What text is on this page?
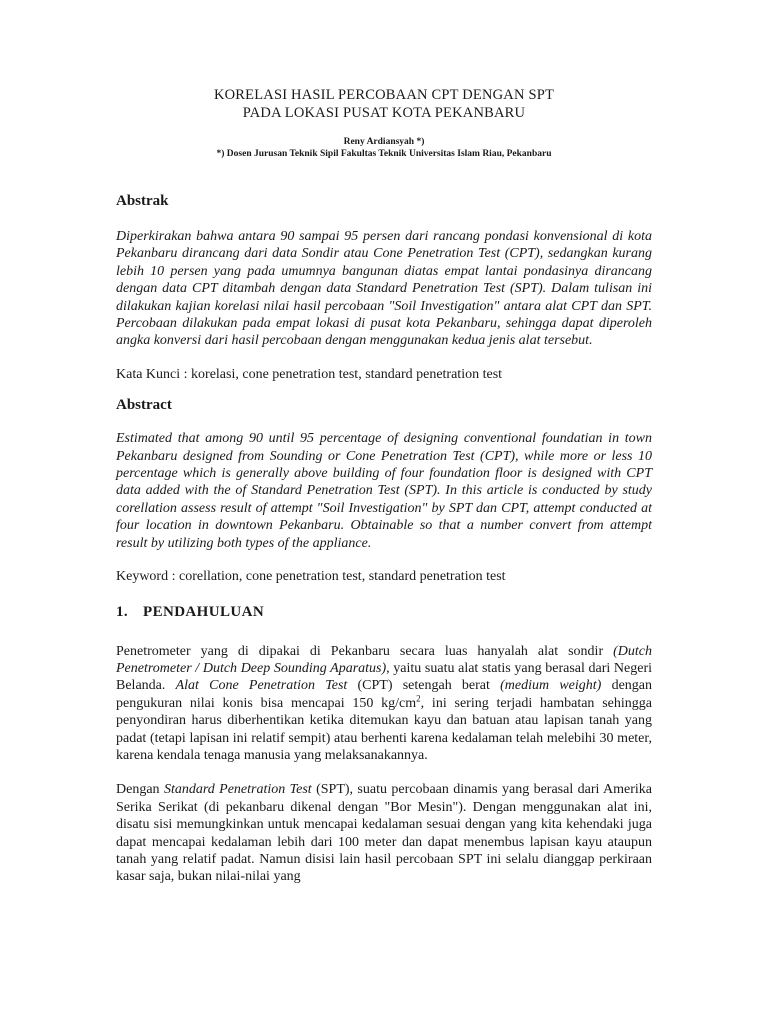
KORELASI HASIL PERCOBAAN CPT DENGAN SPT

PADA LOKASI PUSAT KOTA PEKANBARU

Reny Ardiansyah *)
*) Dosen Jurusan Teknik Sipil Fakultas Teknik Universitas Islam Riau, Pekanbaru

Abstrak

Diperkirakan bahwa antara 90 sampai 95 persen dari rancang pondasi konvensional di kota Pekanbaru dirancang dari data Sondir atau Cone Penetration Test (CPT), sedangkan kurang lebih 10 persen yang pada umumnya bangunan diatas empat lantai pondasinya dirancang dengan data CPT ditambah dengan data Standard Penetration Test (SPT). Dalam tulisan ini dilakukan kajian korelasi nilai hasil percobaan "Soil Investigation" antara alat CPT dan SPT. Percobaan dilakukan pada empat lokasi di pusat kota Pekanbaru, sehingga dapat diperoleh angka konversi dari hasil percobaan dengan menggunakan kedua jenis alat tersebut.

Kata Kunci : korelasi, cone penetration test, standard penetration test

Abstract

Estimated that among 90 until 95 percentage of designing conventional foundatian in town Pekanbaru designed from Sounding or Cone Penetration Test (CPT), while more or less 10 percentage which is generally above building of four foundation floor is designed with CPT data added with the of Standard Penetration Test (SPT). In this article is conducted by study corellation assess result of attempt "Soil Investigation" by SPT dan CPT, attempt conducted at four location in downtown Pekanbaru. Obtainable so that a number convert from attempt result by utilizing both types of the appliance.

Keyword : corellation, cone penetration test, standard penetration test

1. PENDAHULUAN

Penetrometer yang di dipakai di Pekanbaru secara luas hanyalah alat sondir (Dutch Penetrometer / Dutch Deep Sounding Aparatus), yaitu suatu alat statis yang berasal dari Negeri Belanda. Alat Cone Penetration Test (CPT) setengah berat (medium weight) dengan pengukuran nilai konis bisa mencapai 150 $kg/cm^2$, ini sering terjadi hambatan sehingga penyondiran harus diberhentikan ketika ditemukan kayu dan batuan atau lapisan tanah yang padat (tetapi lapisan ini relatif sempit) atau berhenti karena kedalaman telah melebihi 30 meter, karena kendala tenaga manusia yang melaksanakannya.

Dengan Standard Penetration Test (SPT), suatu percobaan dinamis yang berasal dari Amerika Serika Serikat (di pekanbaru dikenal dengan "Bor Mesin"). Dengan menggunakan alat ini, disatu sisi memungkinkan untuk mencapai kedalaman sesuai dengan yang kita kehendaki juga dapat mencapai kedalaman lebih dari 100 meter dan dapat menembus lapisan kayu ataupun tanah yang relatif padat. Namun disisi lain hasil percobaan SPT ini selalu dianggap perkiraan kasar saja, bukan nilai-nilai yang
